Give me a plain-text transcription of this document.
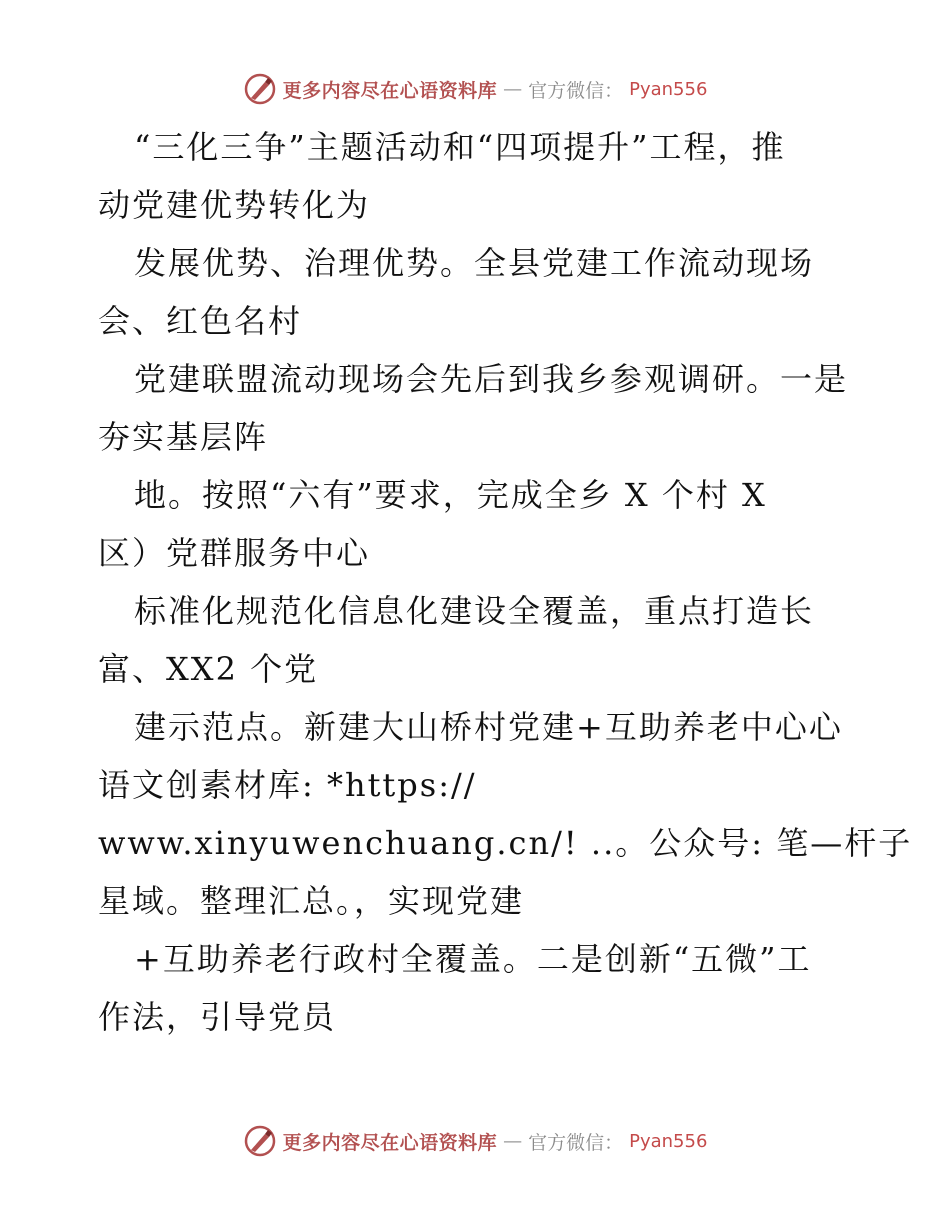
更多内容尽在心语资料库 — 官方微信： Pyan556
“三化三争”主题活动和“四项提升”工程，推
动党建优势转化为
发展优势、治理优势。全县党建工作流动现场
会、红色名村
党建联盟流动现场会先后到我乡参观调研。一是
夯实基层阵
地。按照“六有”要求，完成全乡 X 个村 X
区）党群服务中心
标准化规范化信息化建设全覆盖，重点打造长
富、XX2 个党
建示范点。新建大山桥村党建+互助养老中心心
语文创素材库: *https://
www.xinyuwenchuang.cn/! ..。公众号: 笔—杆子
星域。整理汇总。，实现党建
+互助养老行政村全覆盖。二是创新“五微”工
作法，引导党员
更多内容尽在心语资料库 — 官方微信： Pyan556
